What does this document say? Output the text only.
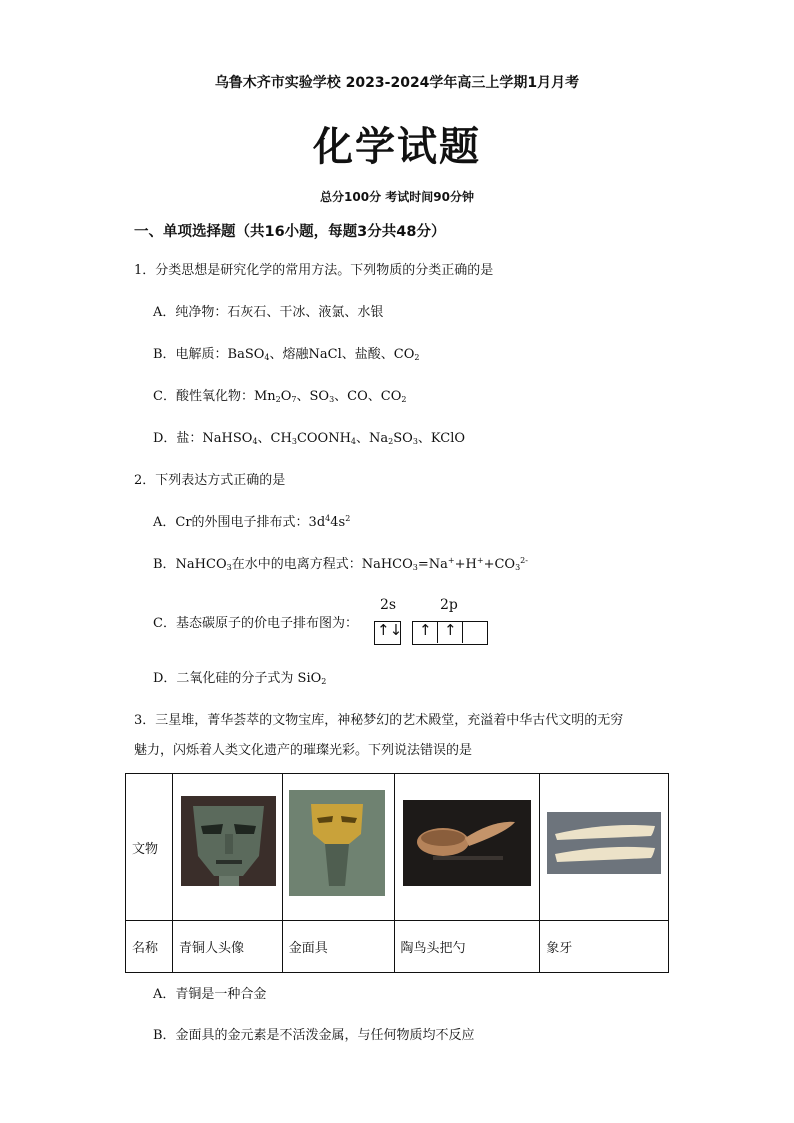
乌鲁木齐市实验学校 2023-2024学年高三上学期1月月考
化学试题
总分100分 考试时间90分钟
一、单项选择题（共16小题，每题3分共48分）
1．分类思想是研究化学的常用方法。下列物质的分类正确的是
A．纯净物：石灰石、干冰、液氯、水银
B．电解质：BaSO$_4$、熔融NaCl、盐酸、$CO_2$
C．酸性氧化物：$Mn_2O_7$、$SO_3$、CO、$CO_2$
D．盐：NaHSO$_4$、$CH_3COONH_4$、$Na_2SO_3$、KClO
2．下列表达方式正确的是
A．Cr的外围电子排布式：$3d^44s^2$
B．NaHCO$_3$在水中的电离方程式：$NaHCO_3=Na^++H^++CO_3^{2-}$
C．基态碳原子的价电子排布图为：
2s	2p
↑↓ ↑ ↑
D．二氧化硅的分子式为 SiO$_2$
3．三星堆，菁华荟萃的文物宝库，神秘梦幻的艺术殿堂，充溢着中华古代文明的无穷
魅力，闪烁着人类文化遗产的璀璨光彩。下列说法错误的是
文物	

名称	青铜人头像	金面具	陶鸟头把勺	象牙
A．青铜是一种合金
B．金面具的金元素是不活泼金属，与任何物质均不反应
